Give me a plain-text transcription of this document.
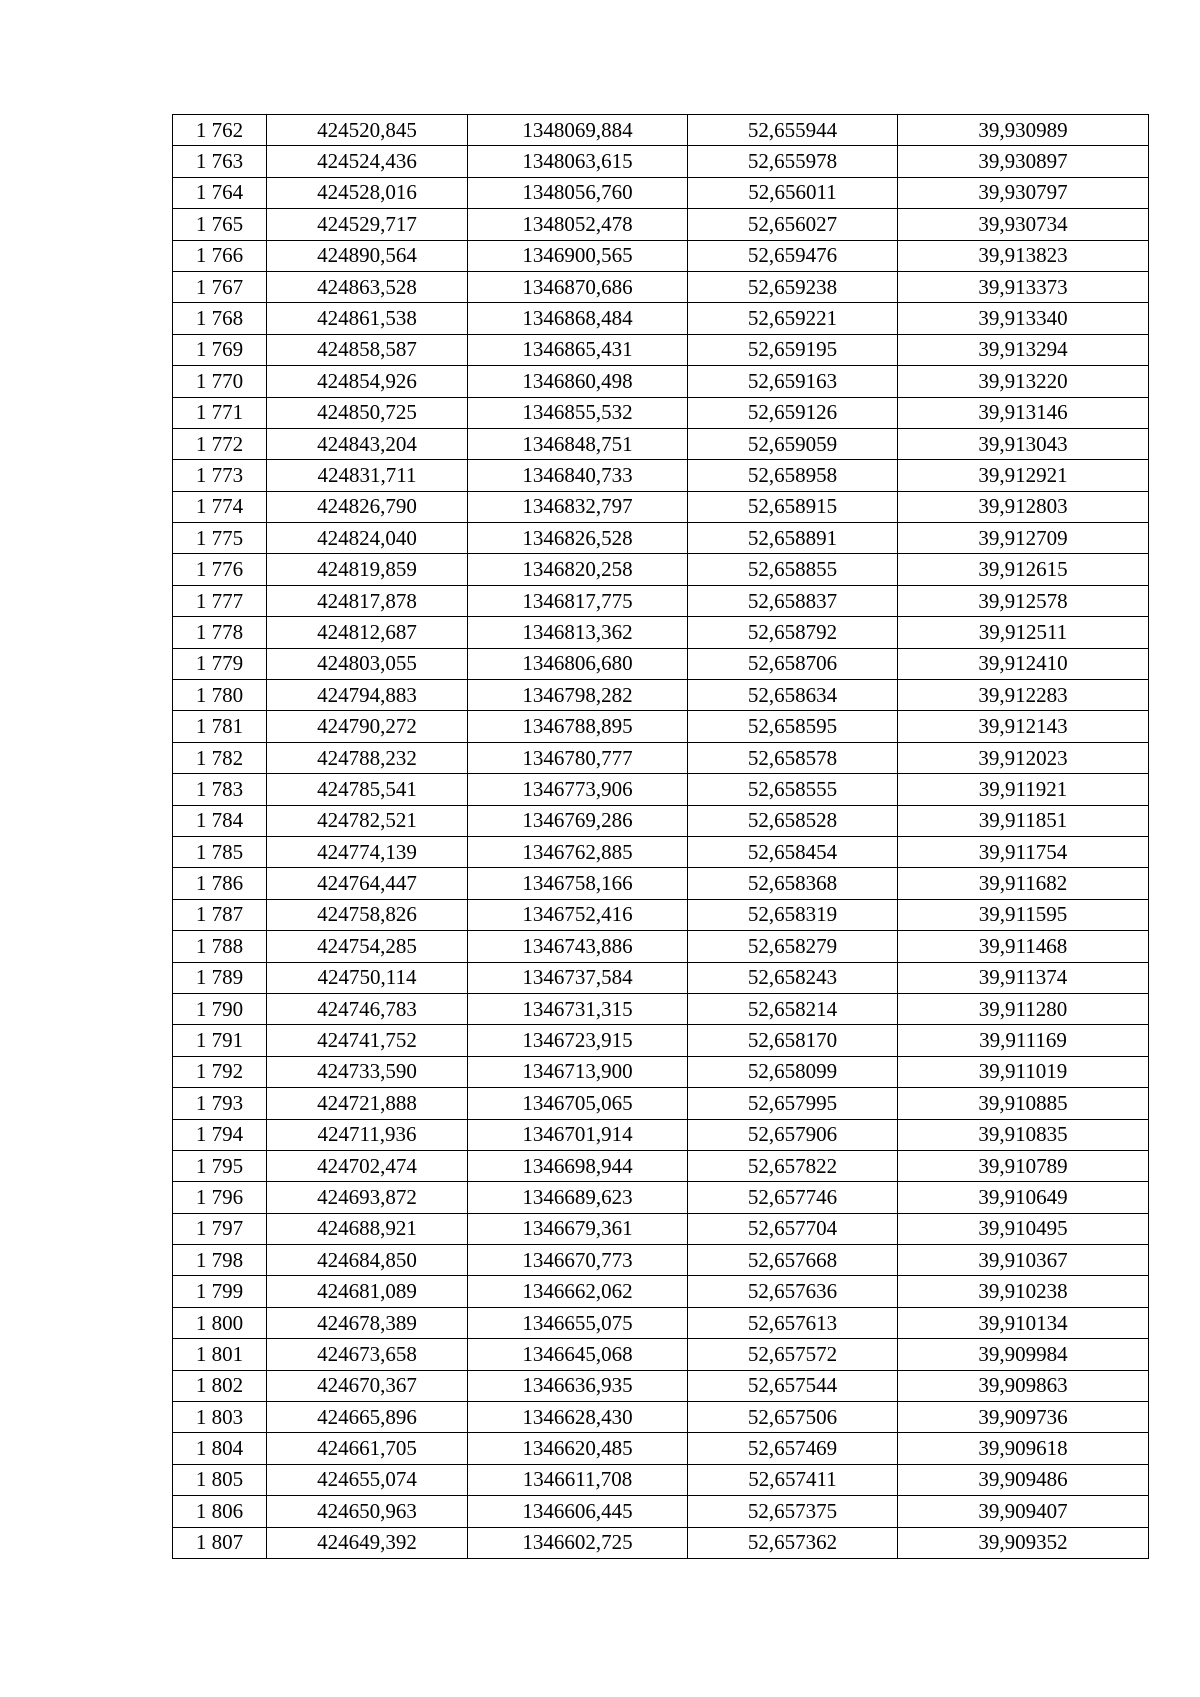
1 762	424520,845	1348069,884	52,655944	39,930989
1 763	424524,436	1348063,615	52,655978	39,930897
1 764	424528,016	1348056,760	52,656011	39,930797
1 765	424529,717	1348052,478	52,656027	39,930734
1 766	424890,564	1346900,565	52,659476	39,913823
1 767	424863,528	1346870,686	52,659238	39,913373
1 768	424861,538	1346868,484	52,659221	39,913340
1 769	424858,587	1346865,431	52,659195	39,913294
1 770	424854,926	1346860,498	52,659163	39,913220
1 771	424850,725	1346855,532	52,659126	39,913146
1 772	424843,204	1346848,751	52,659059	39,913043
1 773	424831,711	1346840,733	52,658958	39,912921
1 774	424826,790	1346832,797	52,658915	39,912803
1 775	424824,040	1346826,528	52,658891	39,912709
1 776	424819,859	1346820,258	52,658855	39,912615
1 777	424817,878	1346817,775	52,658837	39,912578
1 778	424812,687	1346813,362	52,658792	39,912511
1 779	424803,055	1346806,680	52,658706	39,912410
1 780	424794,883	1346798,282	52,658634	39,912283
1 781	424790,272	1346788,895	52,658595	39,912143
1 782	424788,232	1346780,777	52,658578	39,912023
1 783	424785,541	1346773,906	52,658555	39,911921
1 784	424782,521	1346769,286	52,658528	39,911851
1 785	424774,139	1346762,885	52,658454	39,911754
1 786	424764,447	1346758,166	52,658368	39,911682
1 787	424758,826	1346752,416	52,658319	39,911595
1 788	424754,285	1346743,886	52,658279	39,911468
1 789	424750,114	1346737,584	52,658243	39,911374
1 790	424746,783	1346731,315	52,658214	39,911280
1 791	424741,752	1346723,915	52,658170	39,911169
1 792	424733,590	1346713,900	52,658099	39,911019
1 793	424721,888	1346705,065	52,657995	39,910885
1 794	424711,936	1346701,914	52,657906	39,910835
1 795	424702,474	1346698,944	52,657822	39,910789
1 796	424693,872	1346689,623	52,657746	39,910649
1 797	424688,921	1346679,361	52,657704	39,910495
1 798	424684,850	1346670,773	52,657668	39,910367
1 799	424681,089	1346662,062	52,657636	39,910238
1 800	424678,389	1346655,075	52,657613	39,910134
1 801	424673,658	1346645,068	52,657572	39,909984
1 802	424670,367	1346636,935	52,657544	39,909863
1 803	424665,896	1346628,430	52,657506	39,909736
1 804	424661,705	1346620,485	52,657469	39,909618
1 805	424655,074	1346611,708	52,657411	39,909486
1 806	424650,963	1346606,445	52,657375	39,909407
1 807	424649,392	1346602,725	52,657362	39,909352
